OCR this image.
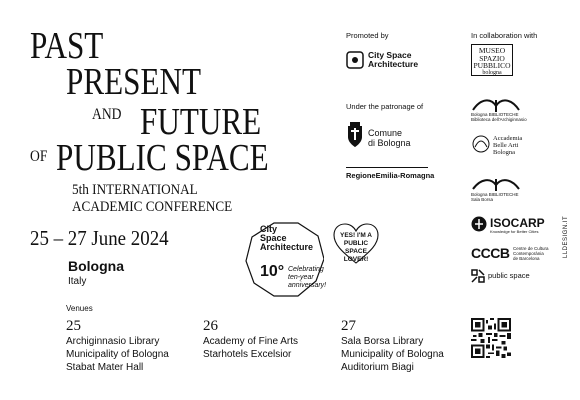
PAST
PRESENT
AND FUTURE
OF PUBLIC SPACE
5th INTERNATIONAL
ACADEMIC CONFERENCE
25 – 27 June 2024
Bologna
Italy
Venues
25
Archiginnasio Library
Municipality of Bologna
Stabat Mater Hall
26
Academy of Fine Arts
Starhotels Excelsior
27
Sala Borsa Library
Municipality of Bologna
Auditorium Biagi
City
Space
Architecture
10° Celebrating
ten-year
anniversary!
YES! I'M A
PUBLIC SPACE
LOVER!
Promoted by
City Space
Architecture
Under the patronage of
Comune
di Bologna
RegioneEmilia-Romagna
In collaboration with
MUSEO
SPAZIO
PUBBLICO
bologna
Bologna BIBLIOTECHE
Biblioteca dell'Archiginnasio
Accademia
Belle Arti
Bologna
Bologna BIBLIOTECHE
Sala Borsa
ISOCARP
Knowledge for Better Cities
CCCB Centre de Cultura
Contemporània
de Barcelona
public space
LLDESIGN.IT
